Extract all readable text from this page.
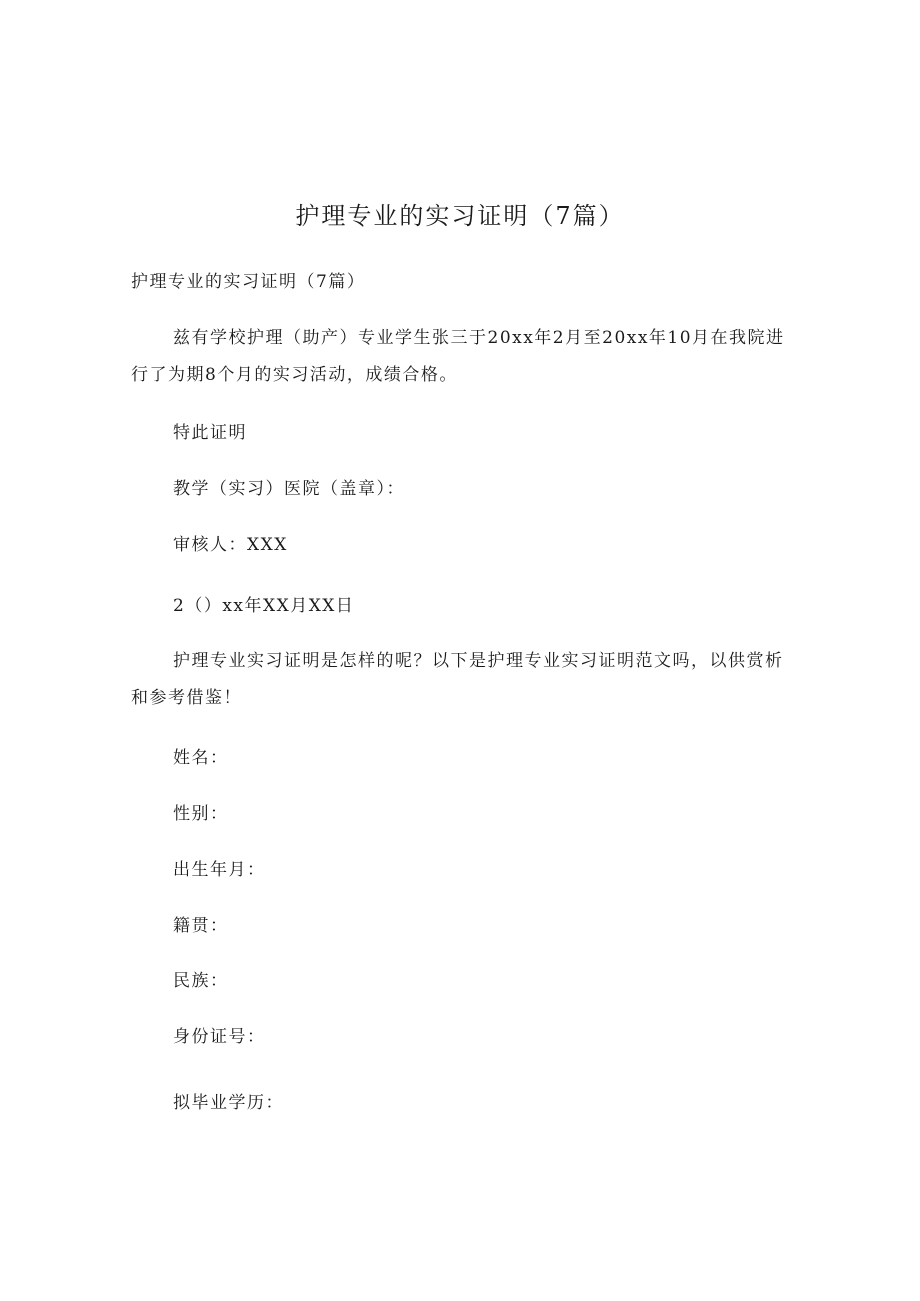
护理专业的实习证明（7篇）

护理专业的实习证明（7篇）

兹有学校护理（助产）专业学生张三于20xx年2月至20xx年10月在我院进行了为期8个月的实习活动，成绩合格。

特此证明

教学（实习）医院（盖章）：

审核人：XXX

2（）xx年XX月XX日

护理专业实习证明是怎样的呢？以下是护理专业实习证明范文吗，以供赏析和参考借鉴！

姓名：

性别：

出生年月：

籍贯：

民族：

身份证号：

拟毕业学历：
